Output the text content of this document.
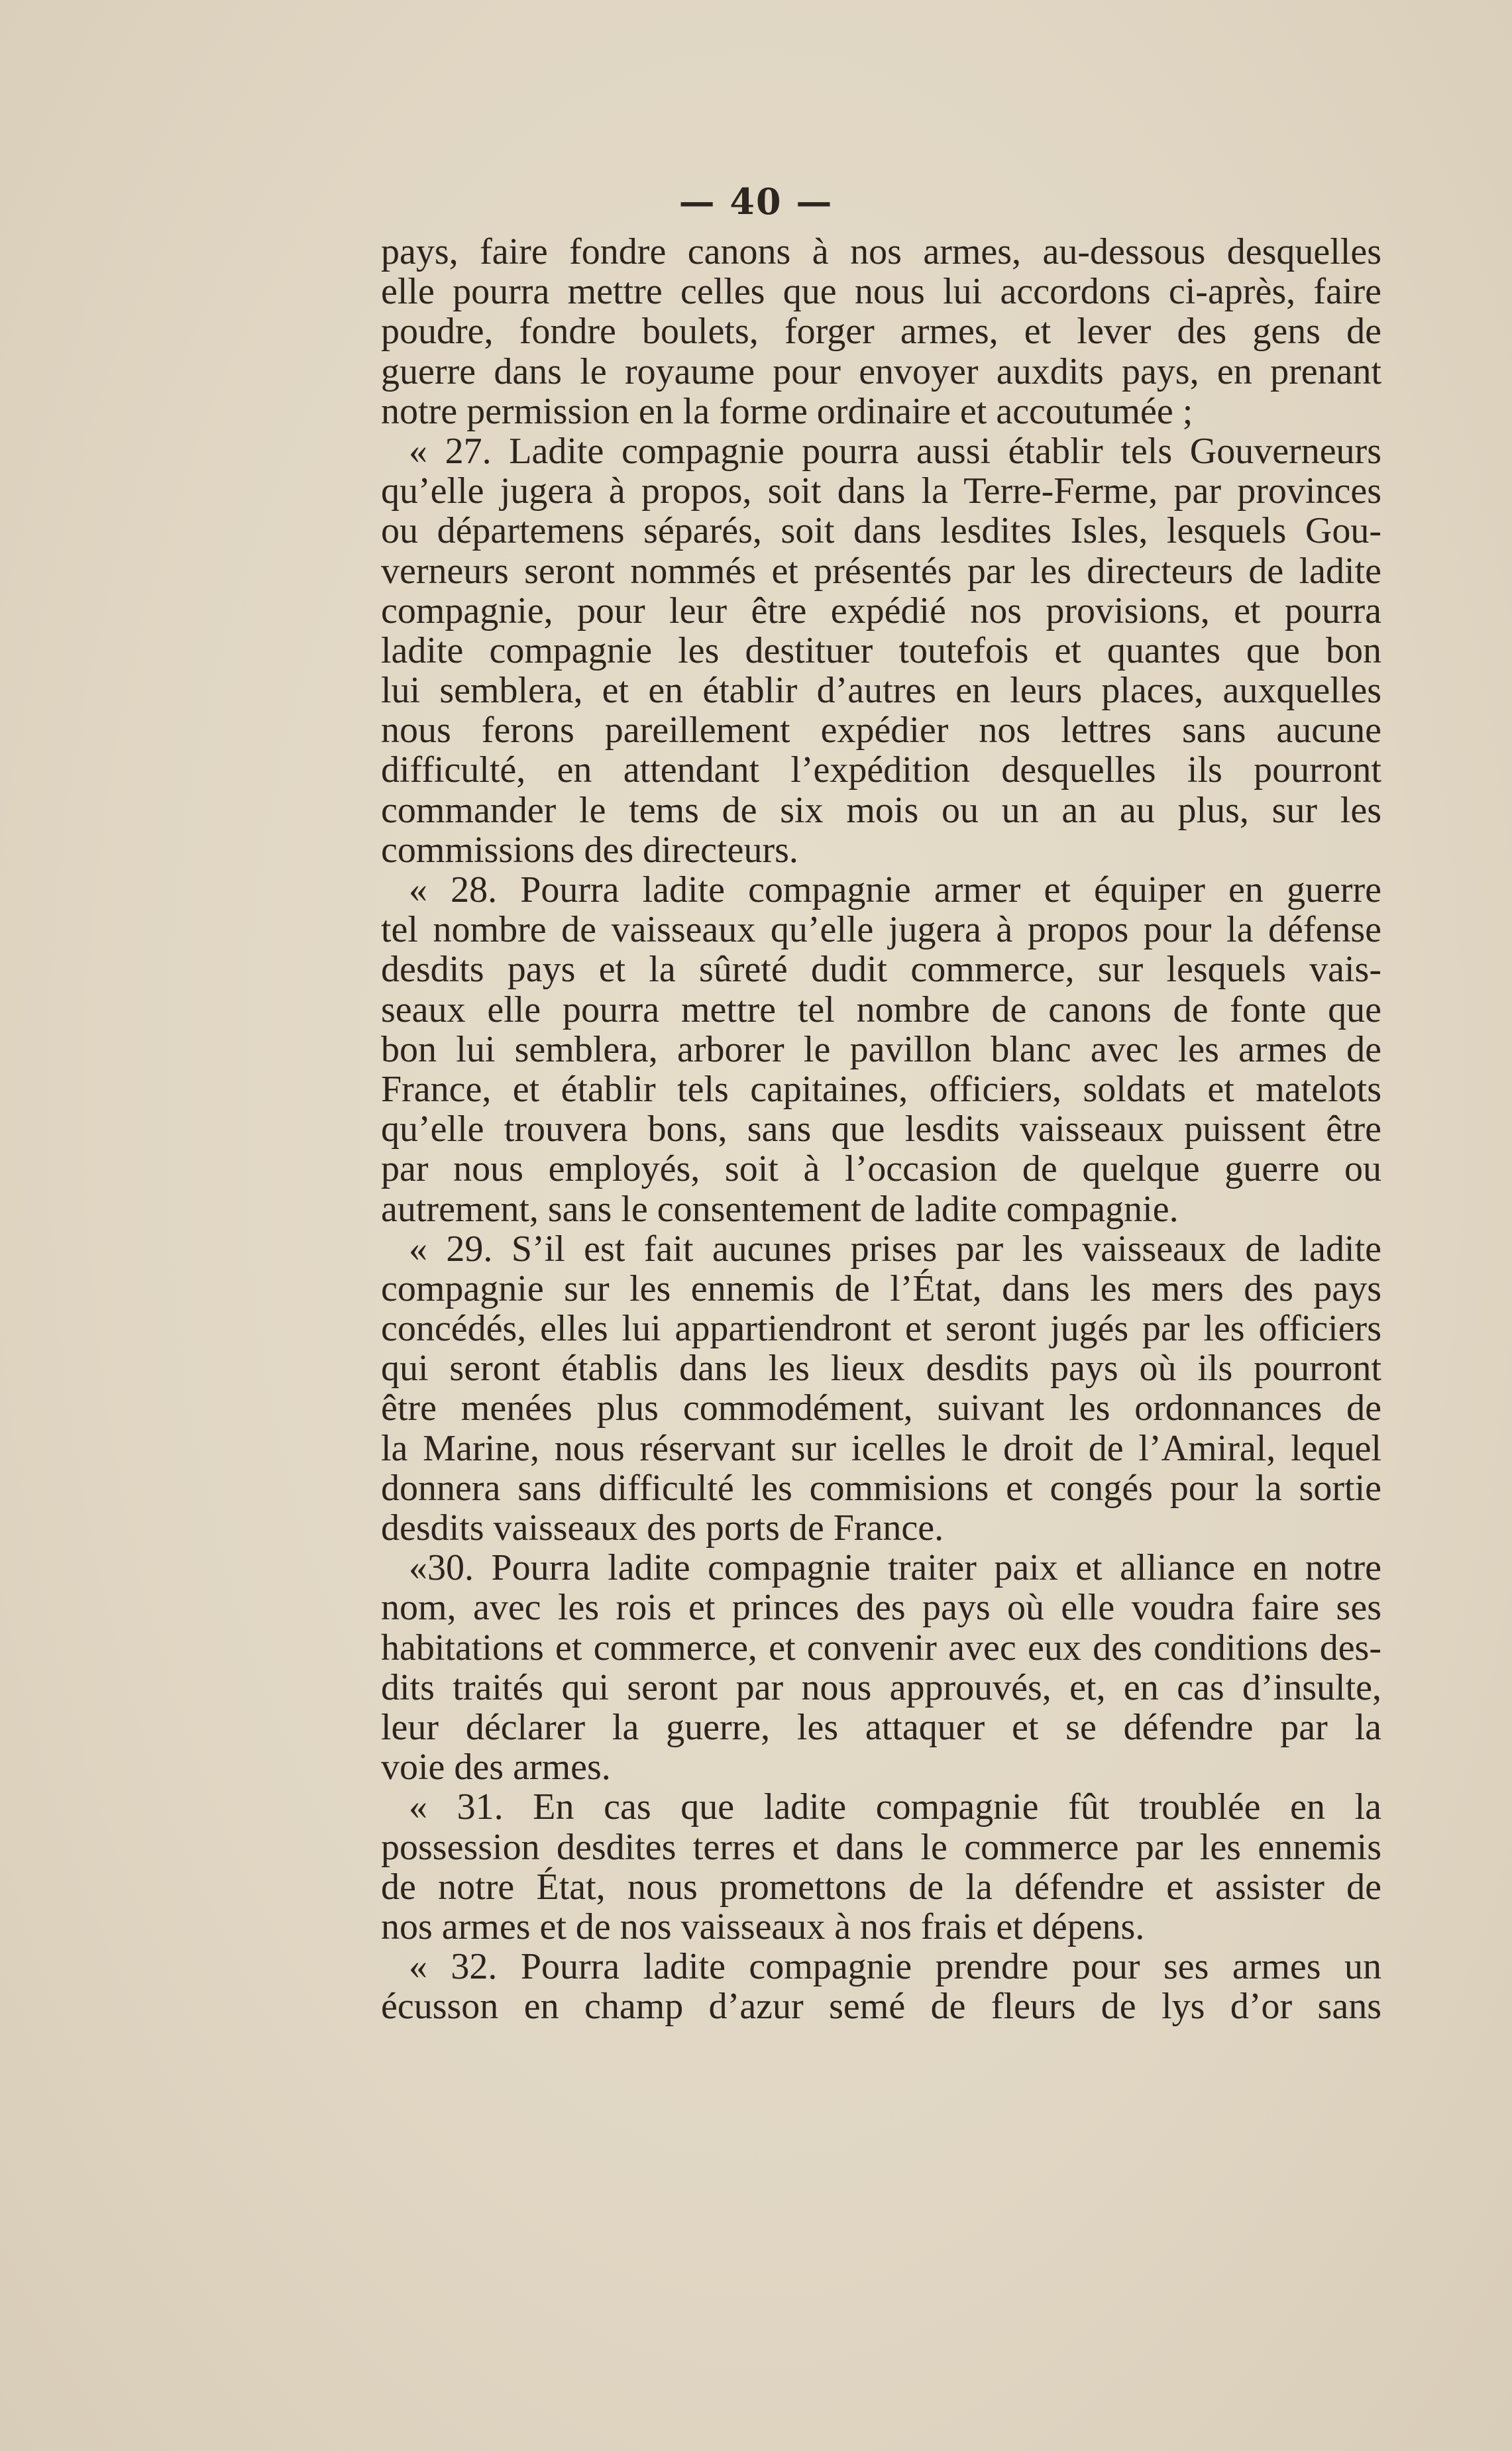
— 40 —
pays, faire fondre canons à nos armes, au-dessous desquelles
elle pourra mettre celles que nous lui accordons ci-après, faire
poudre, fondre boulets, forger armes, et lever des gens de
guerre dans le royaume pour envoyer auxdits pays, en prenant
notre permission en la forme ordinaire et accoutumée ;
« 27. Ladite compagnie pourra aussi établir tels Gouverneurs
qu’elle jugera à propos, soit dans la Terre-Ferme, par provinces
ou départemens séparés, soit dans lesdites Isles, lesquels Gou-
verneurs seront nommés et présentés par les directeurs de ladite
compagnie, pour leur être expédié nos provisions, et pourra
ladite compagnie les destituer toutefois et quantes que bon
lui semblera, et en établir d’autres en leurs places, auxquelles
nous ferons pareillement expédier nos lettres sans aucune
difficulté, en attendant l’expédition desquelles ils pourront
commander le tems de six mois ou un an au plus, sur les
commissions des directeurs.
« 28. Pourra ladite compagnie armer et équiper en guerre
tel nombre de vaisseaux qu’elle jugera à propos pour la défense
desdits pays et la sûreté dudit commerce, sur lesquels vais-
seaux elle pourra mettre tel nombre de canons de fonte que
bon lui semblera, arborer le pavillon blanc avec les armes de
France, et établir tels capitaines, officiers, soldats et matelots
qu’elle trouvera bons, sans que lesdits vaisseaux puissent être
par nous employés, soit à l’occasion de quelque guerre ou
autrement, sans le consentement de ladite compagnie.
« 29. S’il est fait aucunes prises par les vaisseaux de ladite
compagnie sur les ennemis de l’État, dans les mers des pays
concédés, elles lui appartiendront et seront jugés par les officiers
qui seront établis dans les lieux desdits pays où ils pourront
être menées plus commodément, suivant les ordonnances de
la Marine, nous réservant sur icelles le droit de l’Amiral, lequel
donnera sans difficulté les commisions et congés pour la sortie
desdits vaisseaux des ports de France.
«30. Pourra ladite compagnie traiter paix et alliance en notre
nom, avec les rois et princes des pays où elle voudra faire ses
habitations et commerce, et convenir avec eux des conditions des-
dits traités qui seront par nous approuvés, et, en cas d’insulte,
leur déclarer la guerre, les attaquer et se défendre par la
voie des armes.
« 31. En cas que ladite compagnie fût troublée en la
possession desdites terres et dans le commerce par les ennemis
de notre État, nous promettons de la défendre et assister de
nos armes et de nos vaisseaux à nos frais et dépens.
« 32. Pourra ladite compagnie prendre pour ses armes un
écusson en champ d’azur semé de fleurs de lys d’or sans
